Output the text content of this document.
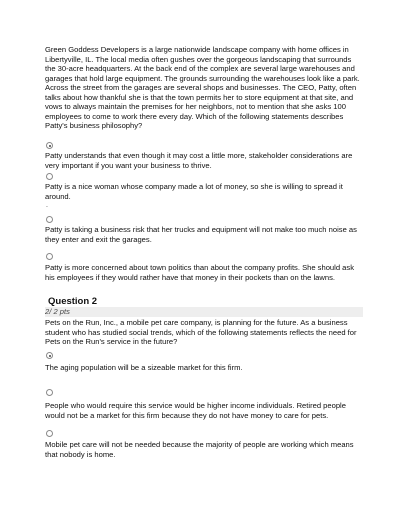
Green Goddess Developers is a large nationwide landscape company with home offices in Libertyville, IL. The local media often gushes over the gorgeous landscaping that surrounds the 30-acre headquarters. At the back end of the complex are several large warehouses and garages that hold large equipment. The grounds surrounding the warehouses look like a park. Across the street from the garages are several shops and businesses. The CEO, Patty, often talks about how thankful she is that the town permits her to store equipment at that site, and vows to always maintain the premises for her neighbors, not to mention that she asks 100 employees to come to work there every day. Which of the following statements describes Patty's business philosophy?
Patty understands that even though it may cost a little more, stakeholder considerations are very important if you want your business to thrive.
Patty is a nice woman whose company made a lot of money, so she is willing to spread it around.
.
Patty is taking a business risk that her trucks and equipment will not make too much noise as they enter and exit the garages.
Patty is more concerned about town politics than about the company profits. She should ask his employees if they would rather have that money in their pockets than on the lawns.
Question 2
2/ 2 pts
Pets on the Run, Inc., a mobile pet care company, is planning for the future. As a business student who has studied social trends, which of the following statements reflects the need for Pets on the Run's service in the future?
The aging population will be a sizeable market for this firm.
People who would require this service would be higher income individuals. Retired people would not be a market for this firm because they do not have money to care for pets.
Mobile pet care will not be needed because the majority of people are working which means that nobody is home.
